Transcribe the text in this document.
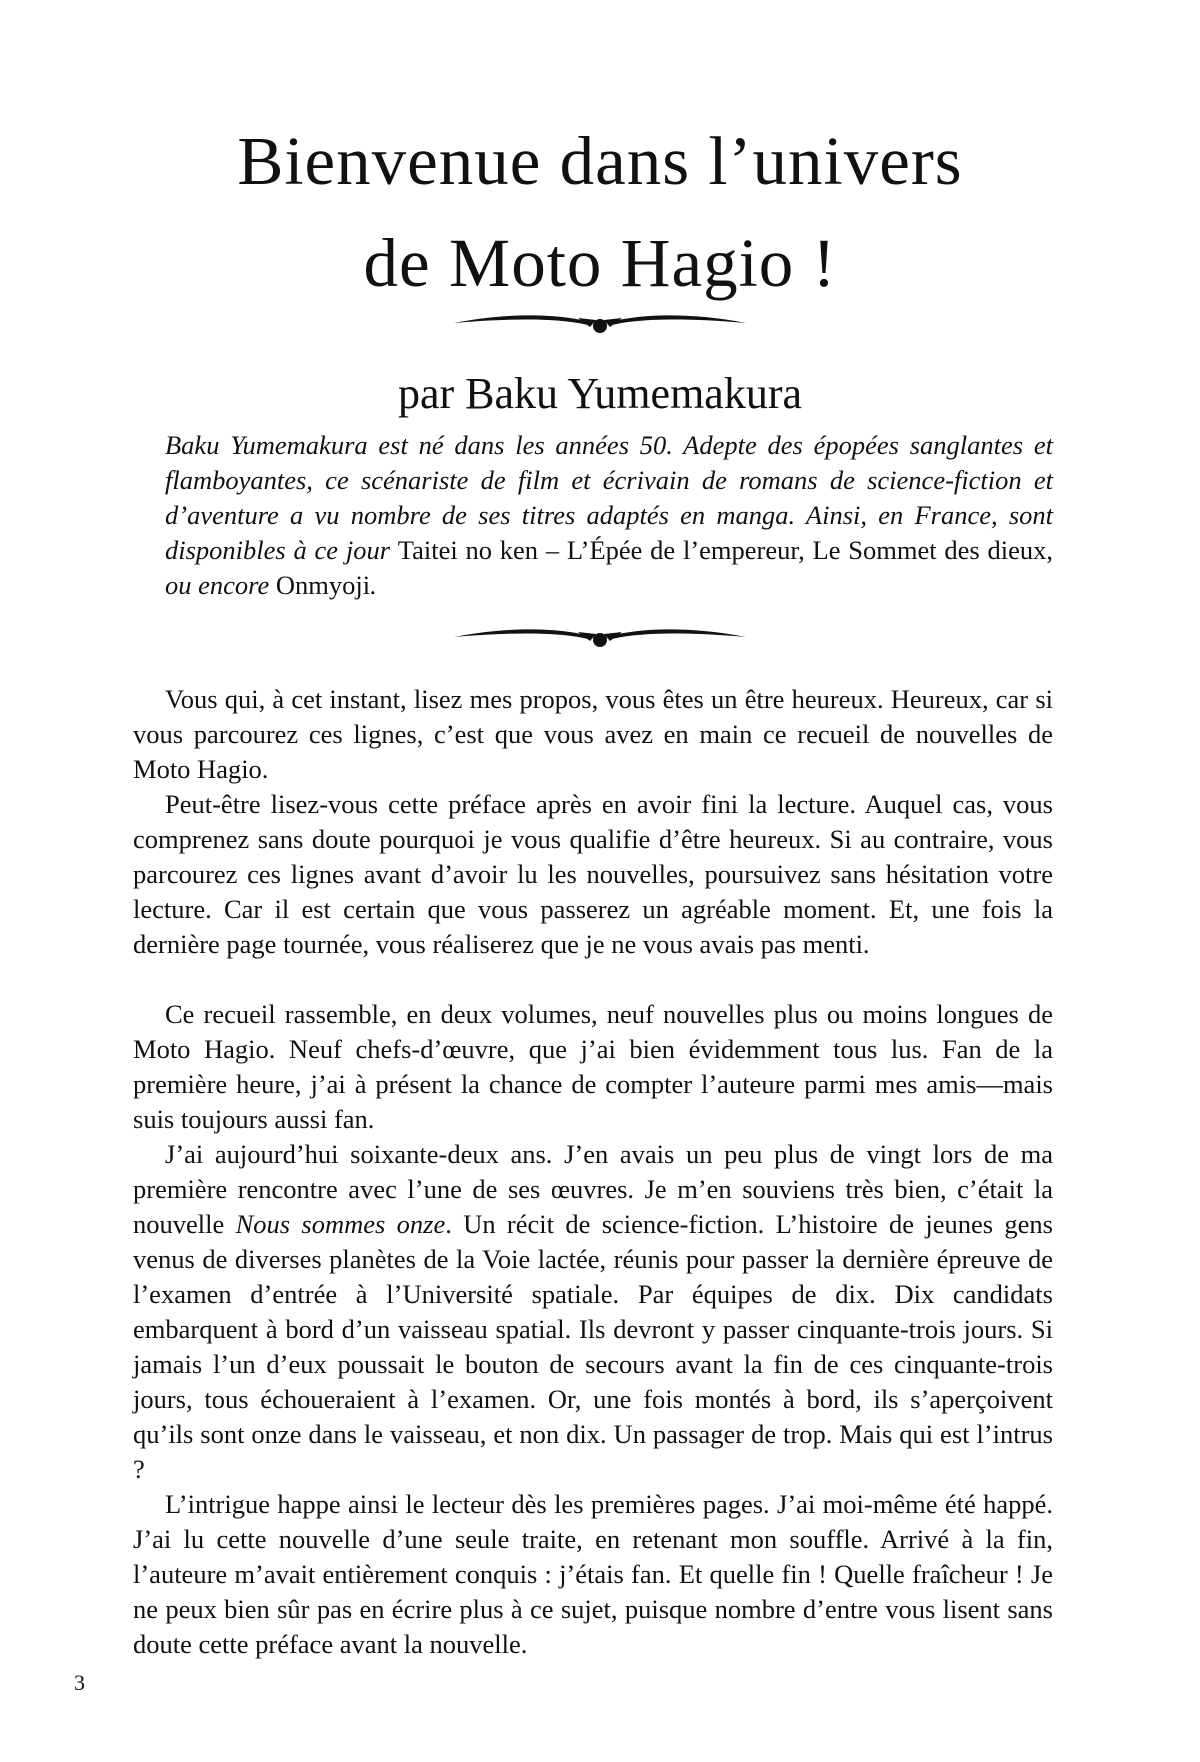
Bienvenue dans l’univers
de Moto Hagio !
par Baku Yumemakura

Baku Yumemakura est né dans les années 50. Adepte des épopées sanglantes et flamboyantes, ce scénariste de film et écrivain de romans de science-fiction et d’aventure a vu nombre de ses titres adaptés en manga. Ainsi, en France, sont disponibles à ce jour Taitei no ken – L’Épée de l’empereur, Le Sommet des dieux, ou encore Onmyoji.

Vous qui, à cet instant, lisez mes propos, vous êtes un être heureux. Heureux, car si vous parcourez ces lignes, c’est que vous avez en main ce recueil de nouvelles de Moto Hagio.

Peut-être lisez-vous cette préface après en avoir fini la lecture. Auquel cas, vous comprenez sans doute pourquoi je vous qualifie d’être heureux. Si au contraire, vous parcourez ces lignes avant d’avoir lu les nouvelles, poursuivez sans hésitation votre lecture. Car il est certain que vous passerez un agréable moment. Et, une fois la dernière page tournée, vous réaliserez que je ne vous avais pas menti.

Ce recueil rassemble, en deux volumes, neuf nouvelles plus ou moins longues de Moto Hagio. Neuf chefs-d’œuvre, que j’ai bien évidemment tous lus. Fan de la première heure, j’ai à présent la chance de compter l’auteure parmi mes amis—mais suis toujours aussi fan.

J’ai aujourd’hui soixante-deux ans. J’en avais un peu plus de vingt lors de ma première rencontre avec l’une de ses œuvres. Je m’en souviens très bien, c’était la nouvelle Nous sommes onze. Un récit de science-fiction. L’histoire de jeunes gens venus de diverses planètes de la Voie lactée, réunis pour passer la dernière épreuve de l’examen d’entrée à l’Université spatiale. Par équipes de dix. Dix candidats embarquent à bord d’un vaisseau spatial. Ils devront y passer cinquante-trois jours. Si jamais l’un d’eux poussait le bouton de secours avant la fin de ces cinquante-trois jours, tous échoueraient à l’examen. Or, une fois montés à bord, ils s’aperçoivent qu’ils sont onze dans le vaisseau, et non dix. Un passager de trop. Mais qui est l’intrus ?

L’intrigue happe ainsi le lecteur dès les premières pages. J’ai moi-même été happé. J’ai lu cette nouvelle d’une seule traite, en retenant mon souffle. Arrivé à la fin, l’auteure m’avait entièrement conquis : j’étais fan. Et quelle fin ! Quelle fraîcheur ! Je ne peux bien sûr pas en écrire plus à ce sujet, puisque nombre d’entre vous lisent sans doute cette préface avant la nouvelle.

3
